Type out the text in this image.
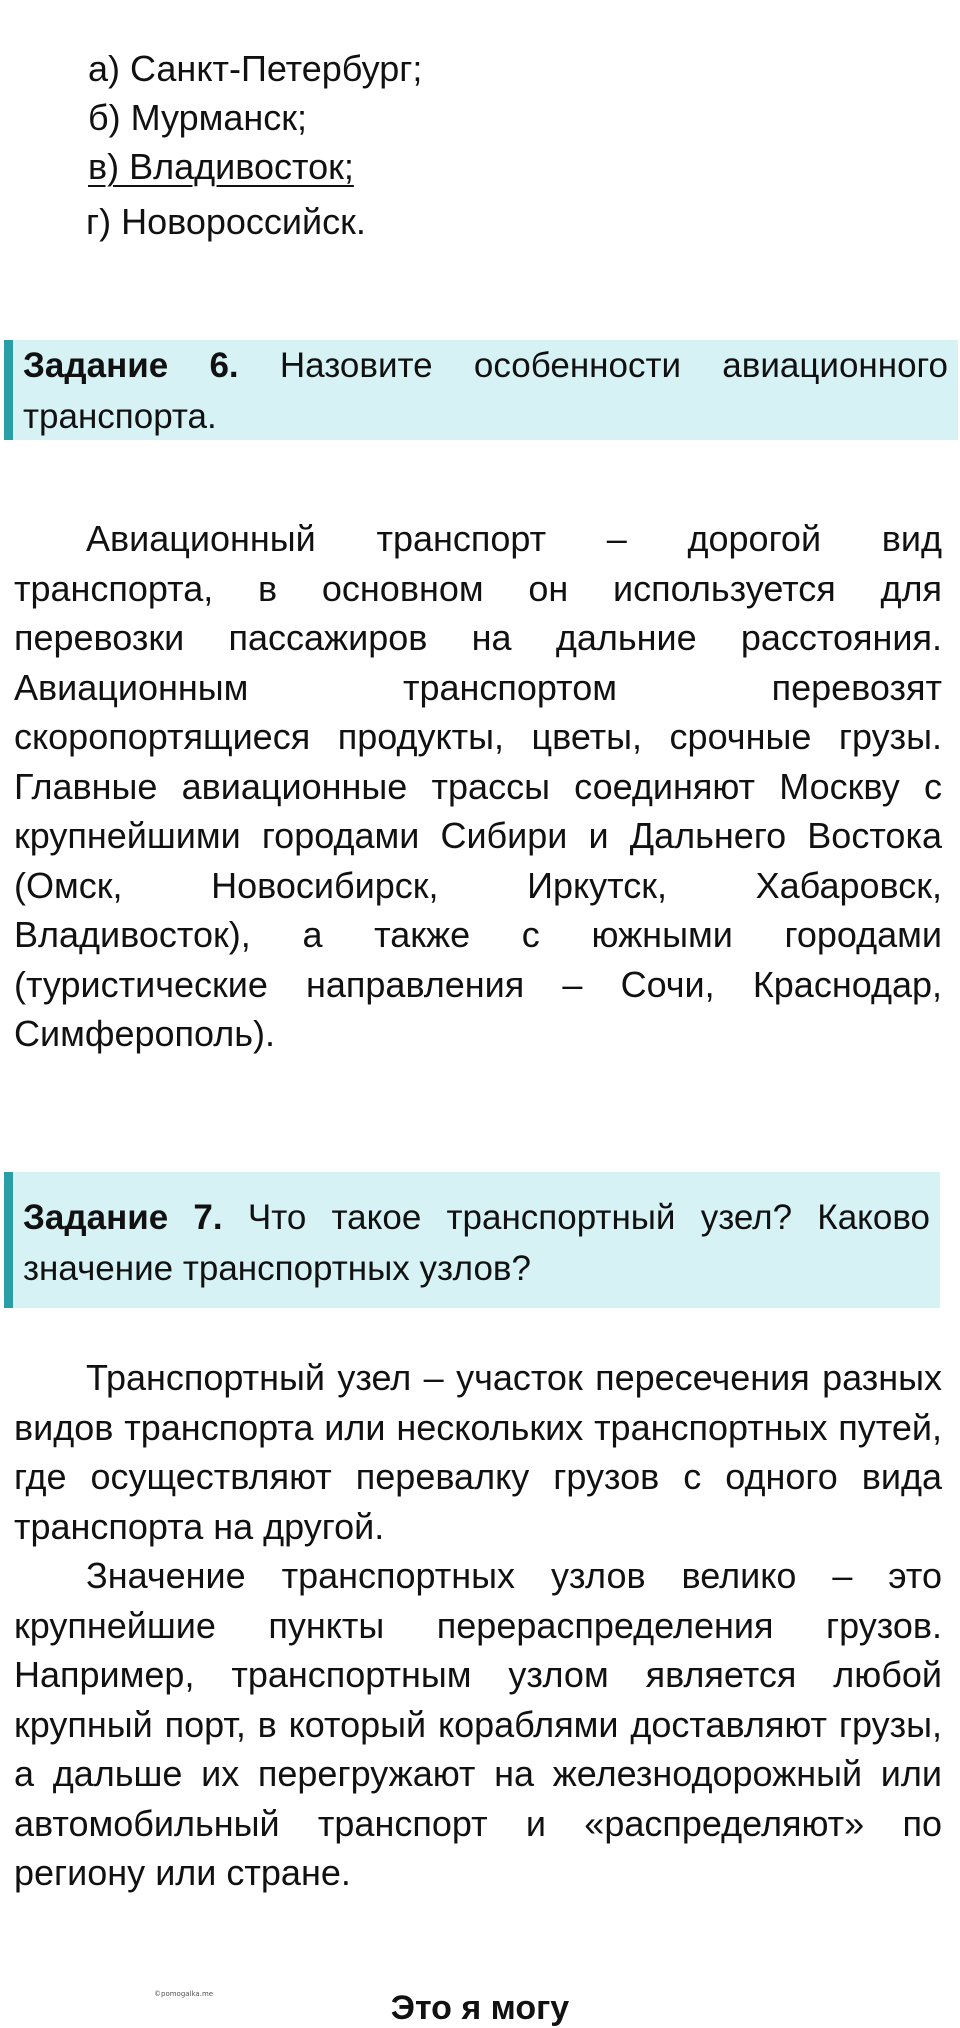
а) Санкт-Петербург;
б) Мурманск;
в) Владивосток;
г) Новороссийск.
Задание 6. Назовите особенности авиационного транспорта.

Авиационный транспорт – дорогой вид транспорта, в основном он используется для перевозки пассажиров на дальние расстояния. Авиационным транспортом перевозят скоропортящиеся продукты, цветы, срочные грузы. Главные авиационные трассы соединяют Москву с крупнейшими городами Сибири и Дальнего Востока (Омск, Новосибирск, Иркутск, Хабаровск, Владивосток), а также с южными городами (туристические направления – Сочи, Краснодар, Симферополь).

Задание 7. Что такое транспортный узел? Каково значение транспортных узлов?

Транспортный узел – участок пересечения разных видов транспорта или нескольких транспортных путей, где осуществляют перевалку грузов с одного вида транспорта на другой.

Значение транспортных узлов велико – это крупнейшие пункты перераспределения грузов. Например, транспортным узлом является любой крупный порт, в который кораблями доставляют грузы, а дальше их перегружают на железнодорожный или автомобильный транспорт и «распределяют» по региону или стране.

©pomogalka.me	Это я могу
